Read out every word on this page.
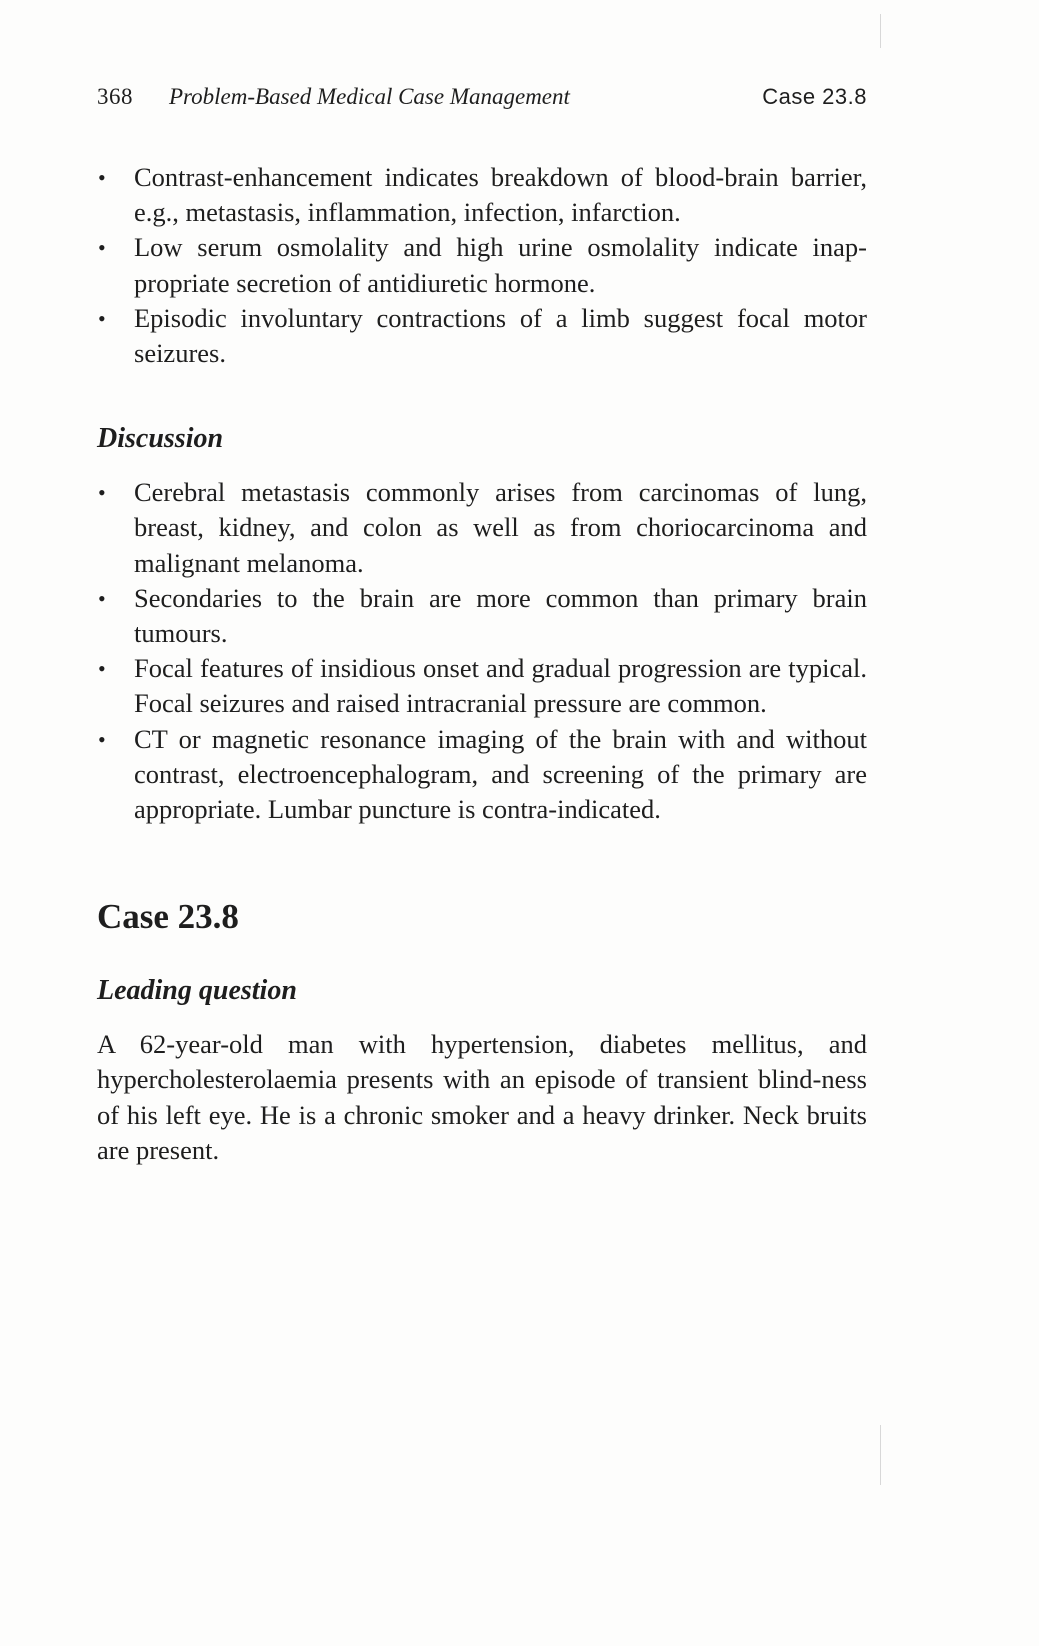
368 Problem-Based Medical Case Management	Case 23.8
• Contrast-enhancement indicates breakdown of blood-brain barrier, e.g., metastasis, inflammation, infection, infarction.
• Low serum osmolality and high urine osmolality indicate inap-propriate secretion of antidiuretic hormone.
• Episodic involuntary contractions of a limb suggest focal motor seizures.
Discussion
• Cerebral metastasis commonly arises from carcinomas of lung, breast, kidney, and colon as well as from choriocarcinoma and malignant melanoma.
• Secondaries to the brain are more common than primary brain tumours.
• Focal features of insidious onset and gradual progression are typical. Focal seizures and raised intracranial pressure are common.
• CT or magnetic resonance imaging of the brain with and without contrast, electroencephalogram, and screening of the primary are appropriate. Lumbar puncture is contra-indicated.
Case 23.8
Leading question

A 62-year-old man with hypertension, diabetes mellitus, and hypercholesterolaemia presents with an episode of transient blind-ness of his left eye. He is a chronic smoker and a heavy drinker. Neck bruits are present.
